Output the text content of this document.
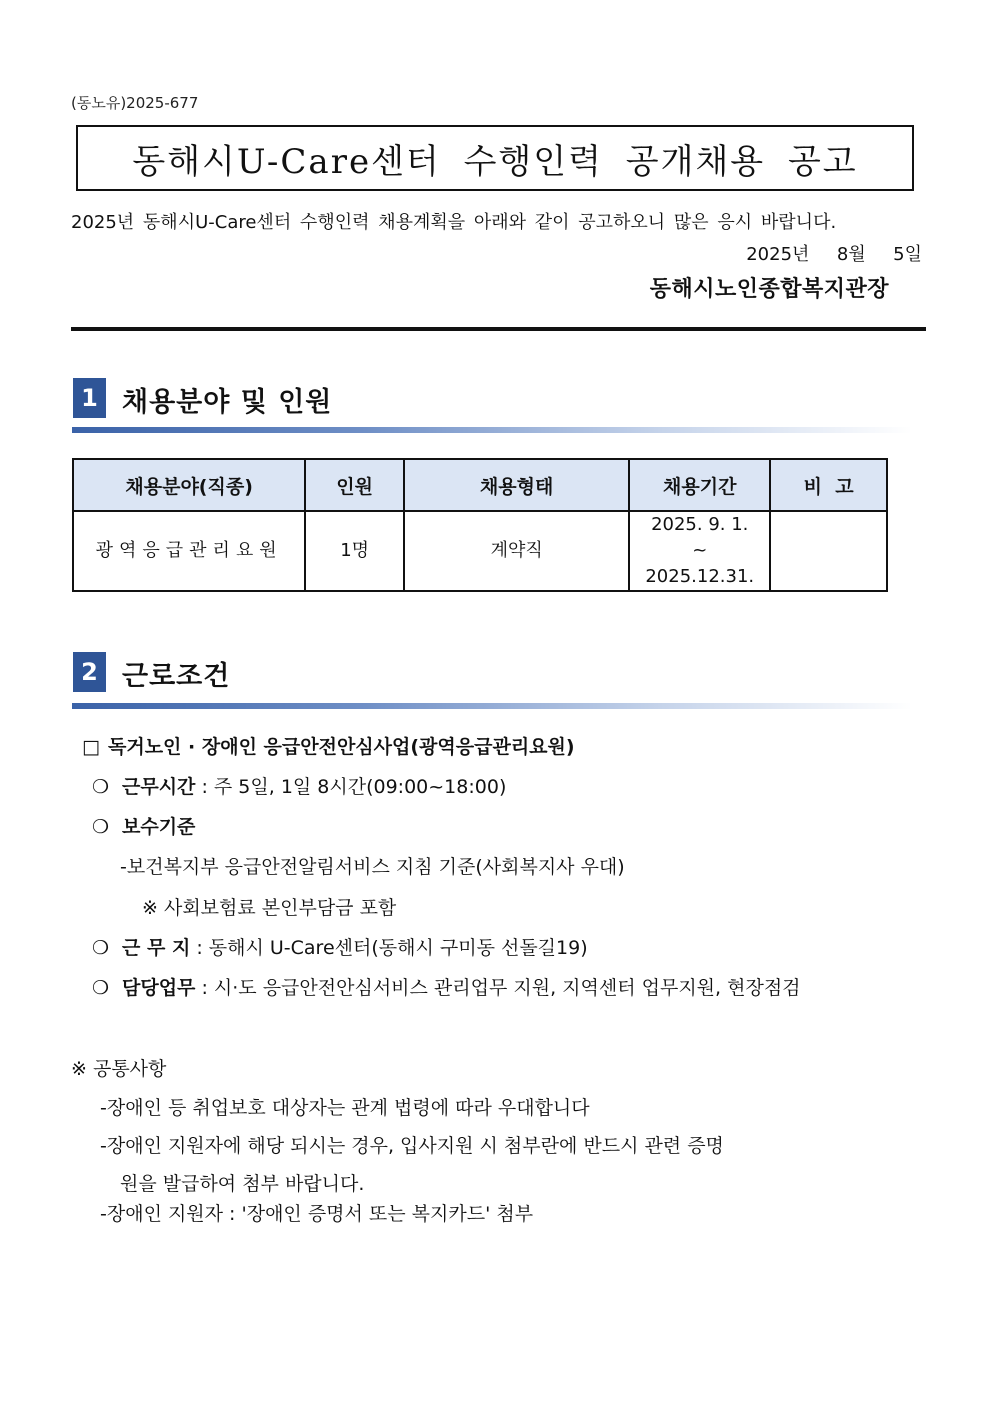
(동노유)2025-677
동해시U-Care센터 수행인력 공개채용 공고
2025년 동해시U-Care센터 수행인력 채용계획을 아래와 같이 공고하오니 많은 응시 바랍니다.
2025년  8월  5일
동해시노인종합복지관장
1 채용분야 및 인원
채용분야(직종)	인원	채용형태	채용기간	비  고
광역응급관리요원	1명	계약직	2025. 9. 1.
~
2025.12.31.	

2 근로조건
□ 독거노인 · 장애인 응급안전안심사업(광역응급관리요원)
❍ 근무시간 : 주 5일, 1일 8시간(09:00~18:00)
❍ 보수기준
-보건복지부 응급안전알림서비스 지침 기준(사회복지사 우대)
※ 사회보험료 본인부담금 포함
❍ 근 무 지 : 동해시 U-Care센터(동해시 구미동 선돌길19)
❍ 담당업무 : 시·도 응급안전안심서비스 관리업무 지원, 지역센터 업무지원, 현장점검
※ 공통사항
-장애인 등 취업보호 대상자는 관계 법령에 따라 우대합니다
-장애인 지원자에 해당 되시는 경우, 입사지원 시 첨부란에 반드시 관련 증명
원을 발급하여 첨부 바랍니다.
-장애인 지원자 : '장애인 증명서 또는 복지카드' 첨부
